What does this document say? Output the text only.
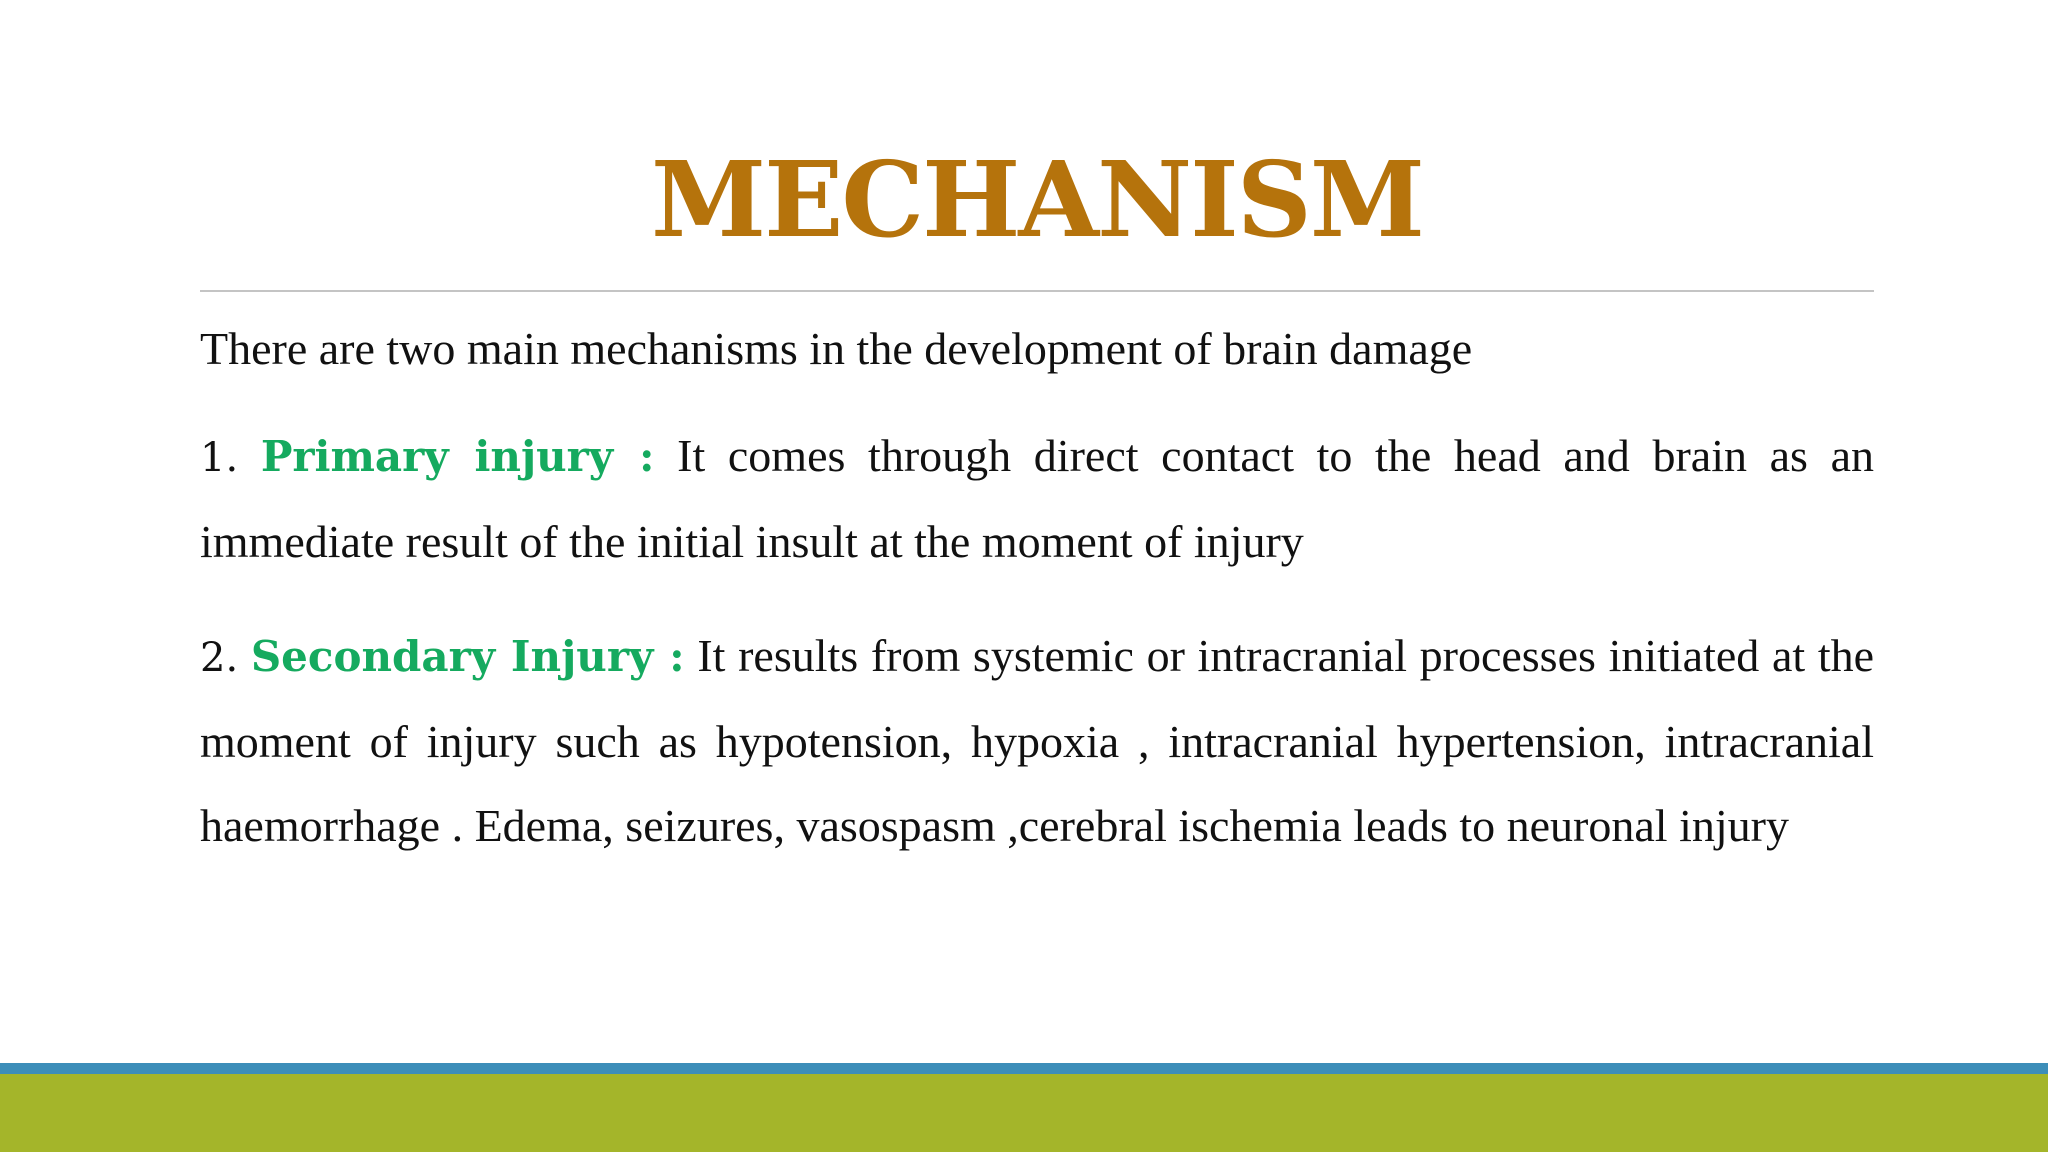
MECHANISM

There are two main mechanisms in the development of brain damage

1. Primary injury : It comes through direct contact to the head and brain as an immediate result of the initial insult at the moment of injury

2. Secondary Injury : It results from systemic or intracranial processes initiated at the moment of injury such as hypotension, hypoxia , intracranial hypertension, intracranial haemorrhage . Edema, seizures, vasospasm ,cerebral ischemia leads to neuronal injury
